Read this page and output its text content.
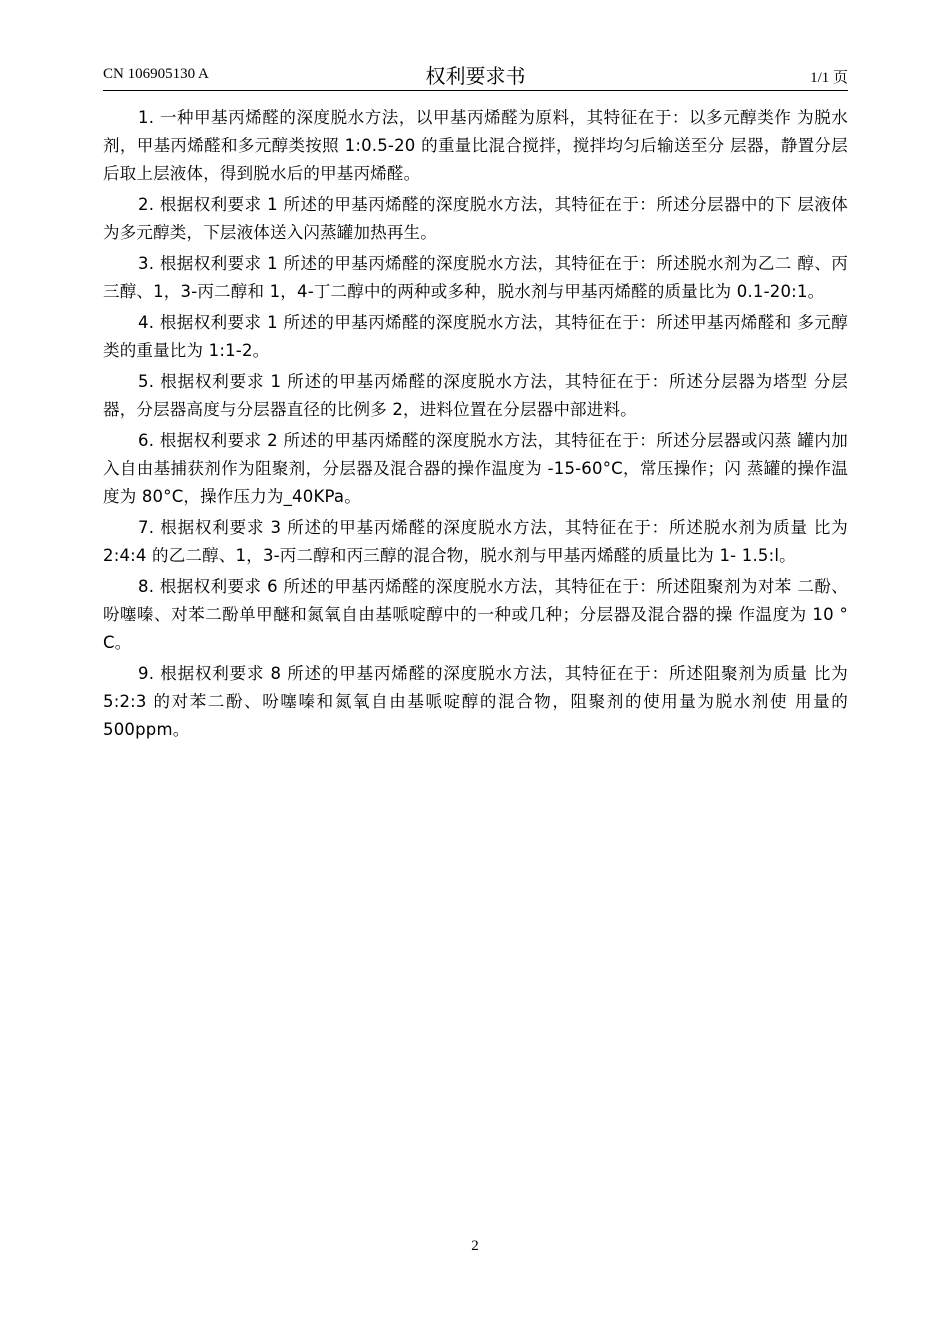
CN 106905130 A	权利要求书	1/1 页

1. 一种甲基丙烯醛的深度脱水方法，以甲基丙烯醛为原料，其特征在于：以多元醇类作 为脱水剂，甲基丙烯醛和多元醇类按照 1:0.5-20 的重量比混合搅拌，搅拌均匀后输送至分 层器，静置分层后取上层液体，得到脱水后的甲基丙烯醛。

2. 根据权利要求 1 所述的甲基丙烯醛的深度脱水方法，其特征在于：所述分层器中的下 层液体为多元醇类，下层液体送入闪蒸罐加热再生。

3. 根据权利要求 1 所述的甲基丙烯醛的深度脱水方法，其特征在于：所述脱水剂为乙二 醇、丙三醇、1，3-丙二醇和 1，4-丁二醇中的两种或多种，脱水剂与甲基丙烯醛的质量比为 0.1-20:1。

4. 根据权利要求 1 所述的甲基丙烯醛的深度脱水方法，其特征在于：所述甲基丙烯醛和 多元醇类的重量比为 1:1-2。

5. 根据权利要求 1 所述的甲基丙烯醛的深度脱水方法，其特征在于：所述分层器为塔型 分层器，分层器高度与分层器直径的比例多 2，进料位置在分层器中部进料。

6. 根据权利要求 2 所述的甲基丙烯醛的深度脱水方法，其特征在于：所述分层器或闪蒸 罐内加入自由基捕获剂作为阻聚剂，分层器及混合器的操作温度为 -15-60°C，常压操作；闪 蒸罐的操作温度为 80°C，操作压力为_40KPa。

7. 根据权利要求 3 所述的甲基丙烯醛的深度脱水方法，其特征在于：所述脱水剂为质量 比为 2:4:4 的乙二醇、1，3-丙二醇和丙三醇的混合物，脱水剂与甲基丙烯醛的质量比为 1- 1.5:l。

8. 根据权利要求 6 所述的甲基丙烯醛的深度脱水方法，其特征在于：所述阻聚剂为对苯 二酚、吩噻嗪、对苯二酚单甲醚和氮氧自由基哌啶醇中的一种或几种；分层器及混合器的操 作温度为 10 ° C。

9. 根据权利要求 8 所述的甲基丙烯醛的深度脱水方法，其特征在于：所述阻聚剂为质量 比为 5:2:3 的对苯二酚、吩噻嗪和氮氧自由基哌啶醇的混合物，阻聚剂的使用量为脱水剂使 用量的 500ppm。

2
